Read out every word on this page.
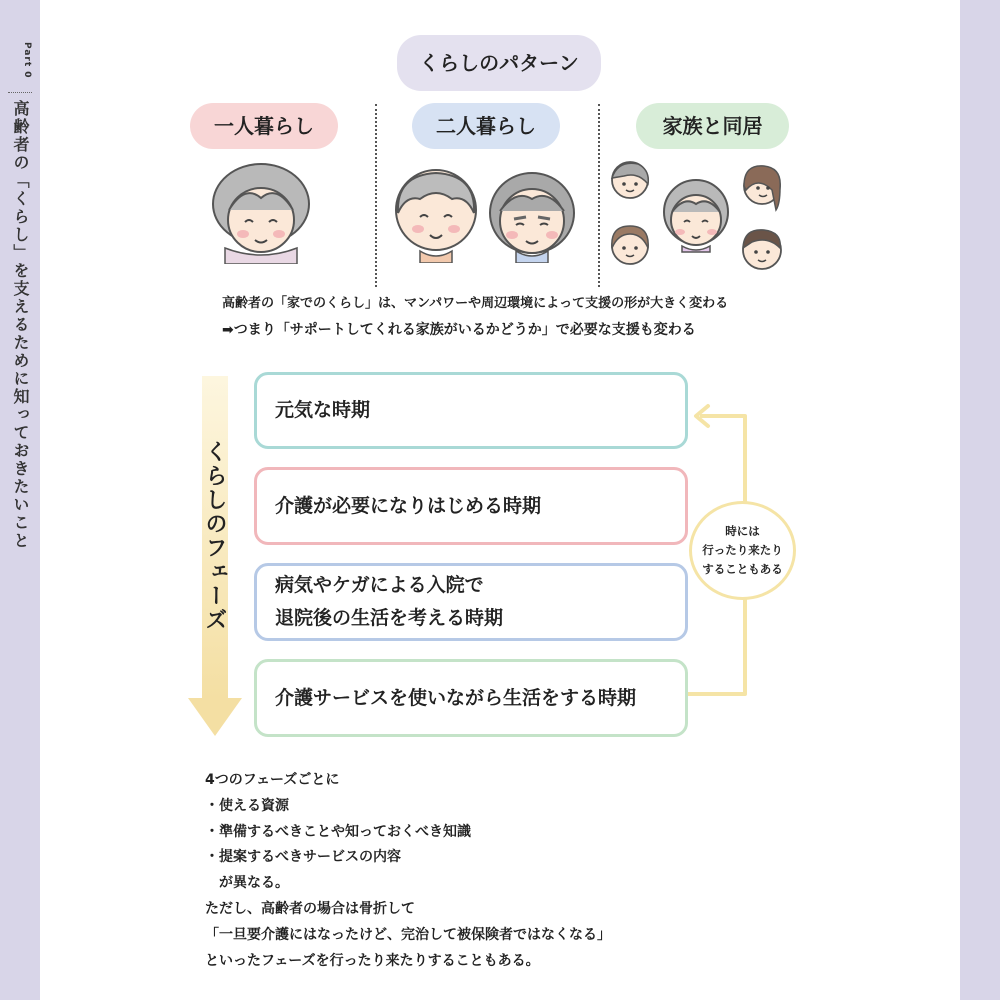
Part 0
高齢者の「くらし」を支えるために知っておきたいこと
くらしのパターン
一人暮らし	二人暮らし	家族と同居
高齢者の「家でのくらし」は、マンパワーや周辺環境によって支援の形が大きく変わる
➡つまり「サポートしてくれる家族がいるかどうか」で必要な支援も変わる
くらしのフェーズ
元気な時期
介護が必要になりはじめる時期
病気やケガによる入院で
退院後の生活を考える時期
介護サービスを使いながら生活をする時期
時には
行ったり来たり
することもある
4つのフェーズごとに
・使える資源
・準備するべきことや知っておくべき知識
・提案するべきサービスの内容
が異なる。
ただし、高齢者の場合は骨折して
「一旦要介護にはなったけど、完治して被保険者ではなくなる」
といったフェーズを行ったり来たりすることもある。
